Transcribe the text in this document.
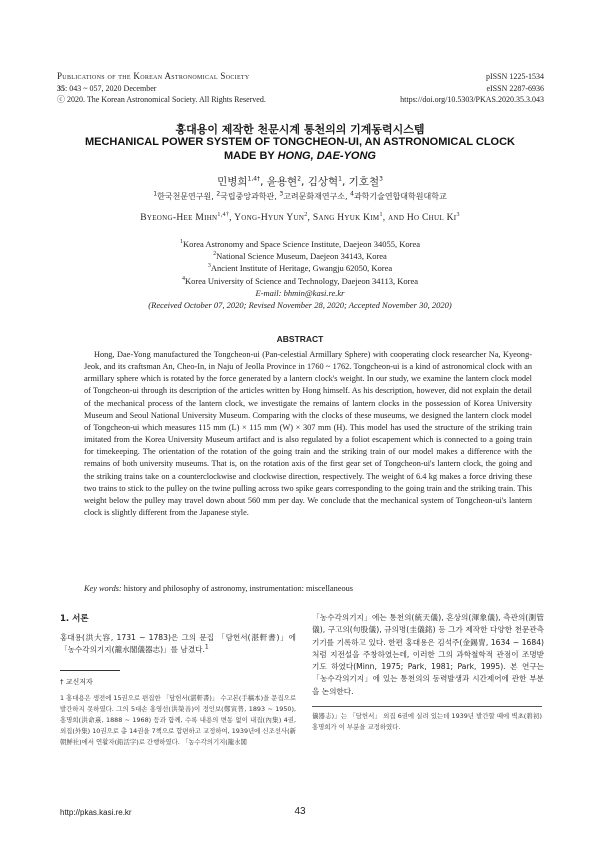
Publications of the Korean Astronomical Society
35: 043 ~ 057, 2020 December
ⓒ 2020. The Korean Astronomical Society. All Rights Reserved.
pISSN 1225-1534
eISSN 2287-6936
https://doi.org/10.5303/PKAS.2020.35.3.043
홍대용이 제작한 천문시계 통천의의 기계동력시스템
MECHANICAL POWER SYSTEM OF TONGCHEON-UI, AN ASTRONOMICAL CLOCK
MADE BY HONG, DAE-YONG
민병희$^{1,4\dagger}$, 윤용현$^2$, 김상혁$^1$, 기호철$^3$
$^1$한국천문연구원, $^2$국립중앙과학관, $^3$고려문화재연구소, $^4$과학기술연합대학원대학교
Byeong-Hee Mihn$^{1,4\dagger}$, Yong-Hyun Yun$^2$, Sang Hyuk Kim$^1$, and Ho Chul Ki$^3$
$^1$Korea Astronomy and Space Science Institute, Daejeon 34055, Korea
$^2$National Science Museum, Daejeon 34143, Korea
$^3$Ancient Institute of Heritage, Gwangju 62050, Korea
$^4$Korea University of Science and Technology, Daejeon 34113, Korea
E-mail: bhmin@kasi.re.kr
(Received October 07, 2020; Revised November 28, 2020; Accepted November 30, 2020)
ABSTRACT

Hong, Dae-Yong manufactured the Tongcheon-ui (Pan-celestial Armillary Sphere) with cooperating clock researcher Na, Kyeong-Jeok, and its craftsman An, Cheo-In, in Naju of Jeolla Province in 1760 ~ 1762. Tongcheon-ui is a kind of astronomical clock with an armillary sphere which is rotated by the force generated by a lantern clock's weight. In our study, we examine the lantern clock model of Tongcheon-ui through its description of the articles written by Hong himself. As his description, however, did not explain the detail of the mechanical process of the lantern clock, we investigate the remains of lantern clocks in the possession of Korea University Museum and Seoul National University Museum. Comparing with the clocks of these museums, we designed the lantern clock model of Tongcheon-ui which measures 115 mm (L) × 115 mm (W) × 307 mm (H). This model has used the structure of the striking train imitated from the Korea University Museum artifact and is also regulated by a foliot escapement which is connected to a going train for timekeeping. The orientation of the rotation of the going train and the striking train of our model makes a difference with the remains of both university museums. That is, on the rotation axis of the first gear set of Tongcheon-ui's lantern clock, the going and the striking trains take on a counterclockwise and clockwise direction, respectively. The weight of 6.4 kg makes a force driving these two trains to stick to the pulley on the twine pulling across two spike gears corresponding to the going train and the striking train. This weight below the pulley may travel down about 560 mm per day. We conclude that the mechanical system of Tongcheon-ui's lantern clock is slightly different from the Japanese style.

Key words: history and philosophy of astronomy, instrumentation: miscellaneous
1. 서론

홍대용(洪大容, 1731 ~ 1783)은 그의 문집 「담헌서(湛軒書)」에 「농수각의기지(籠水閣儀器志)」를 남겼다.$^1$

† 교신저자

1 홍대용은 생전에 15권으로 편집한 「담헌서(湛軒書)」 수고본(手稿本)을 문집으로 발간하지 못하였다. 그의 5대손 홍영선(洪榮善)이 정인보(鄭寅普, 1893 ~ 1950), 홍명희(洪命熹, 1888 ~ 1968) 등과 함께, 수록 내용의 변동 없이 내집(內集) 4권, 외집(外集) 10권으로 총 14권을 7책으로 합편하고 교정하여, 1939년에 신조선사(新朝鮮社)에서 연활자(鉛活字)로 간행하였다. 「농수각의기지(籠水閣

「농수각의기지」에는 통천의(統天儀), 혼상의(渾象儀), 측관의(測管儀), 구고의(句股儀), 규의명(圭儀銘) 등 그가 제작한 다양한 천문관측기기를 기록하고 있다. 한편 홍대용은 김석주(金錫冑, 1634 ~ 1684)처럼 지전설을 주창하였는데, 이러한 그의 과학철학적 관점이 조명받기도 하였다(Minn, 1975; Park, 1981; Park, 1995). 본 연구는 「농수각의기지」에 있는 통천의의 동력발생과 시간제어에 관한 부분을 논의한다.

儀器志)」는 「담헌서」 외집 6권에 실려 있는데 1939년 발간할 때에 벽초(碧初) 홍명희가 이 부분을 교정하였다.

http://pkas.kasi.re.kr	43
